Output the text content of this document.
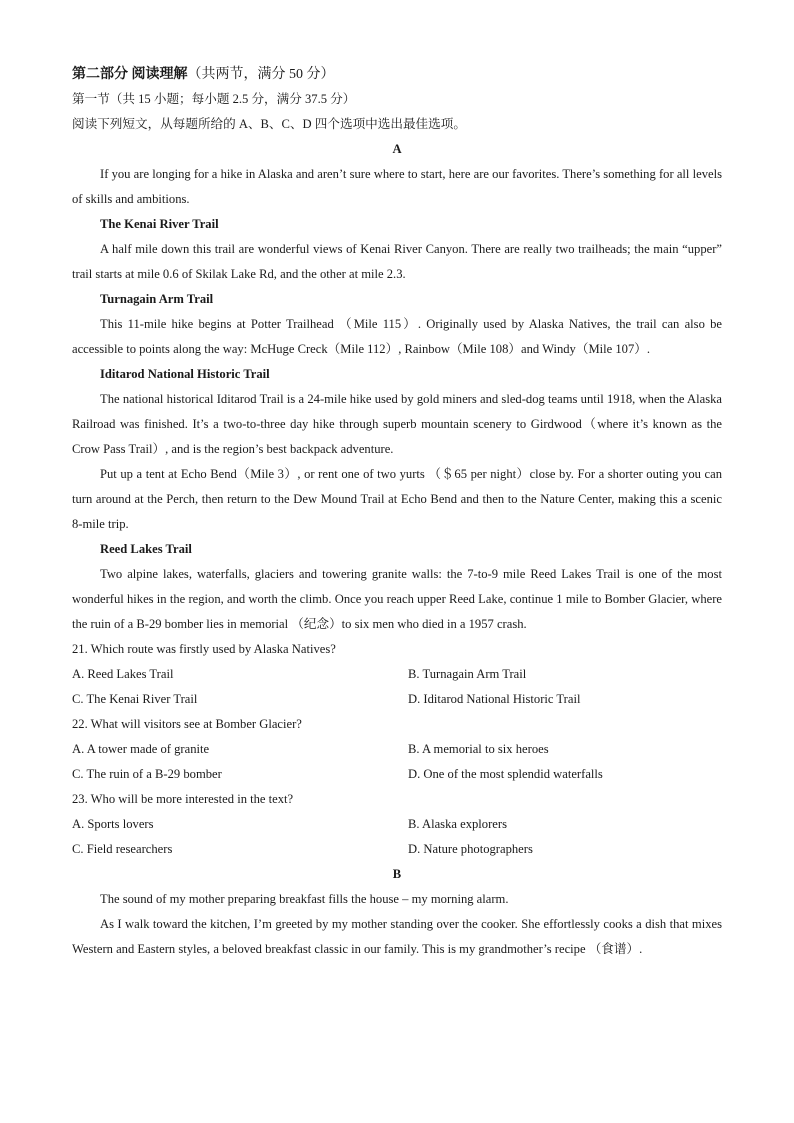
第二部分 阅读理解（共两节，满分 50 分）
第一节（共 15 小题；每小题 2.5 分，满分 37.5 分）
阅读下列短文，从每题所给的 A、B、C、D 四个选项中选出最佳选项。
A
If you are longing for a hike in Alaska and aren’t sure where to start, here are our favorites. There’s something for all levels of skills and ambitions.
The Kenai River Trail
A half mile down this trail are wonderful views of Kenai River Canyon. There are really two trailheads; the main “upper” trail starts at mile 0.6 of Skilak Lake Rd, and the other at mile 2.3.
Turnagain Arm Trail
This 11-mile hike begins at Potter Trailhead （Mile 115）. Originally used by Alaska Natives, the trail can also be accessible to points along the way: McHuge Creck（Mile 112）, Rainbow（Mile 108）and Windy（Mile 107）.
Iditarod National Historic Trail
The national historical Iditarod Trail is a 24-mile hike used by gold miners and sled-dog teams until 1918, when the Alaska Railroad was finished. It’s a two-to-three day hike through superb mountain scenery to Girdwood（where it’s known as the Crow Pass Trail）, and is the region’s best backpack adventure.
Put up a tent at Echo Bend（Mile 3）, or rent one of two yurts （＄65 per night）close by. For a shorter outing you can turn around at the Perch, then return to the Dew Mound Trail at Echo Bend and then to the Nature Center, making this a scenic 8-mile trip.
Reed Lakes Trail
Two alpine lakes, waterfalls, glaciers and towering granite walls: the 7-to-9 mile Reed Lakes Trail is one of the most wonderful hikes in the region, and worth the climb. Once you reach upper Reed Lake, continue 1 mile to Bomber Glacier, where the ruin of a B-29 bomber lies in memorial （纪念）to six men who died in a 1957 crash.
21. Which route was firstly used by Alaska Natives?
A. Reed Lakes Trail	B. Turnagain Arm Trail
C. The Kenai River Trail	D. Iditarod National Historic Trail
22. What will visitors see at Bomber Glacier?
A. A tower made of granite	B. A memorial to six heroes
C. The ruin of a B-29 bomber	D. One of the most splendid waterfalls
23. Who will be more interested in the text?
A. Sports lovers	B. Alaska explorers
C. Field researchers	D. Nature photographers
B
The sound of my mother preparing breakfast fills the house – my morning alarm.
As I walk toward the kitchen, I’m greeted by my mother standing over the cooker. She effortlessly cooks a dish that mixes Western and Eastern styles, a beloved breakfast classic in our family. This is my grandmother’s recipe （食谱）.
